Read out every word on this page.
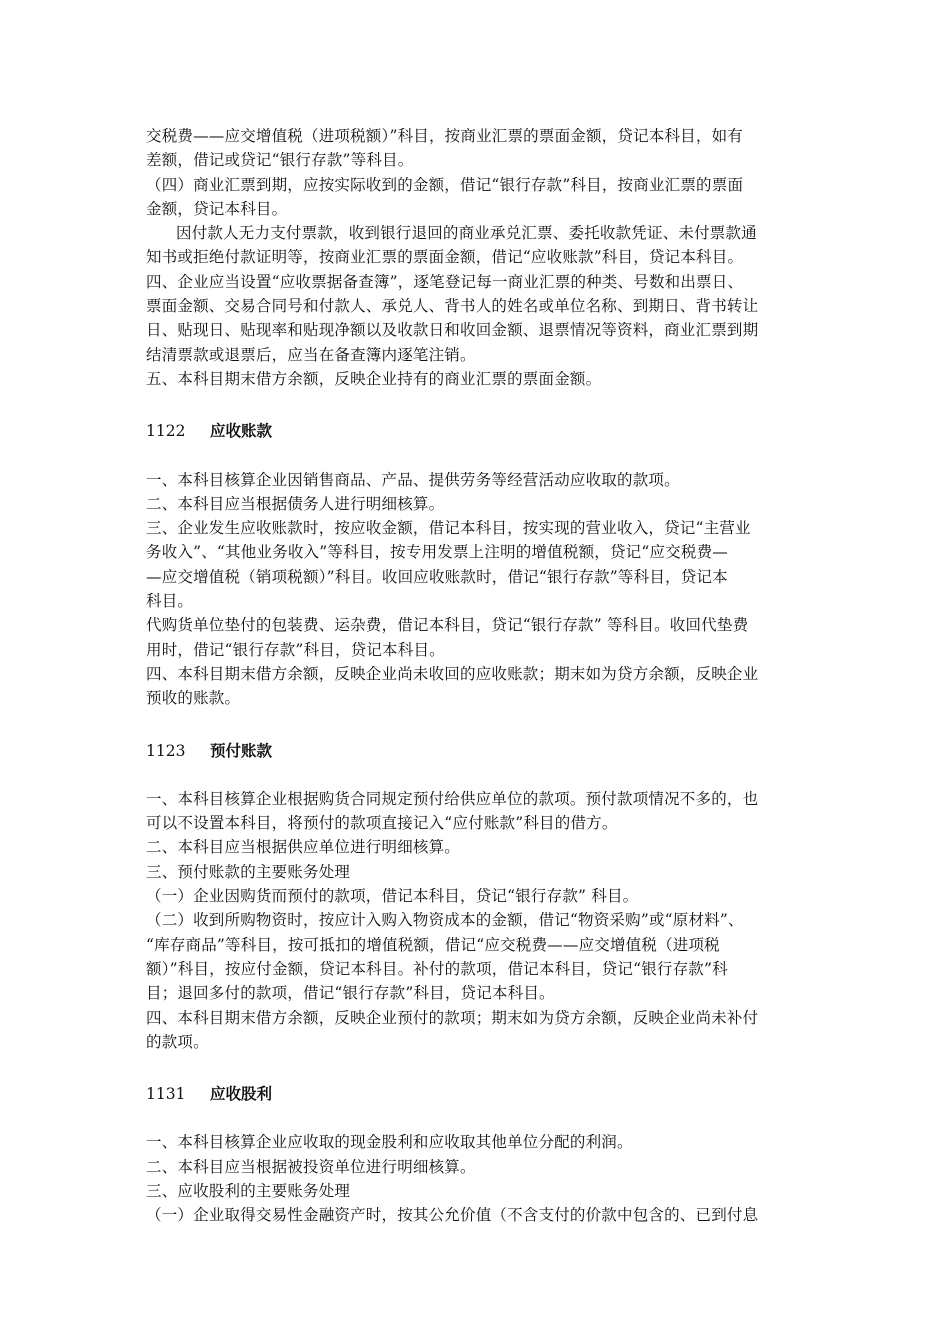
交税费——应交增值税（进项税额）”科目，按商业汇票的票面金额，贷记本科目，如有
差额，借记或贷记“银行存款”等科目。
（四）商业汇票到期，应按实际收到的金额，借记“银行存款”科目，按商业汇票的票面
金额，贷记本科目。
因付款人无力支付票款，收到银行退回的商业承兑汇票、委托收款凭证、未付票款通
知书或拒绝付款证明等，按商业汇票的票面金额，借记“应收账款”科目，贷记本科目。
四、企业应当设置“应收票据备查簿”，逐笔登记每一商业汇票的种类、号数和出票日、
票面金额、交易合同号和付款人、承兑人、背书人的姓名或单位名称、到期日、背书转让
日、贴现日、贴现率和贴现净额以及收款日和收回金额、退票情况等资料，商业汇票到期
结清票款或退票后，应当在备查簿内逐笔注销。
五、本科目期末借方余额，反映企业持有的商业汇票的票面金额。
1122 应收账款
一、本科目核算企业因销售商品、产品、提供劳务等经营活动应收取的款项。
二、本科目应当根据债务人进行明细核算。
三、企业发生应收账款时，按应收金额，借记本科目，按实现的营业收入，贷记“主营业
务收入”、“其他业务收入”等科目，按专用发票上注明的增值税额，贷记“应交税费—
—应交增值税（销项税额）”科目。收回应收账款时，借记“银行存款”等科目，贷记本
科目。
代购货单位垫付的包装费、运杂费，借记本科目，贷记“银行存款” 等科目。收回代垫费
用时，借记“银行存款”科目，贷记本科目。
四、本科目期末借方余额，反映企业尚未收回的应收账款；期末如为贷方余额，反映企业
预收的账款。
1123 预付账款
一、本科目核算企业根据购货合同规定预付给供应单位的款项。预付款项情况不多的，也
可以不设置本科目，将预付的款项直接记入“应付账款”科目的借方。
二、本科目应当根据供应单位进行明细核算。
三、预付账款的主要账务处理
（一）企业因购货而预付的款项，借记本科目，贷记“银行存款” 科目。
（二）收到所购物资时，按应计入购入物资成本的金额，借记“物资采购”或“原材料”、
“库存商品”等科目，按可抵扣的增值税额，借记“应交税费——应交增值税（进项税
额）”科目，按应付金额，贷记本科目。补付的款项，借记本科目，贷记“银行存款”科
目；退回多付的款项，借记“银行存款”科目，贷记本科目。
四、本科目期末借方余额，反映企业预付的款项；期末如为贷方余额，反映企业尚未补付
的款项。
1131 应收股利
一、本科目核算企业应收取的现金股利和应收取其他单位分配的利润。
二、本科目应当根据被投资单位进行明细核算。
三、应收股利的主要账务处理
（一）企业取得交易性金融资产时，按其公允价值（不含支付的价款中包含的、已到付息
